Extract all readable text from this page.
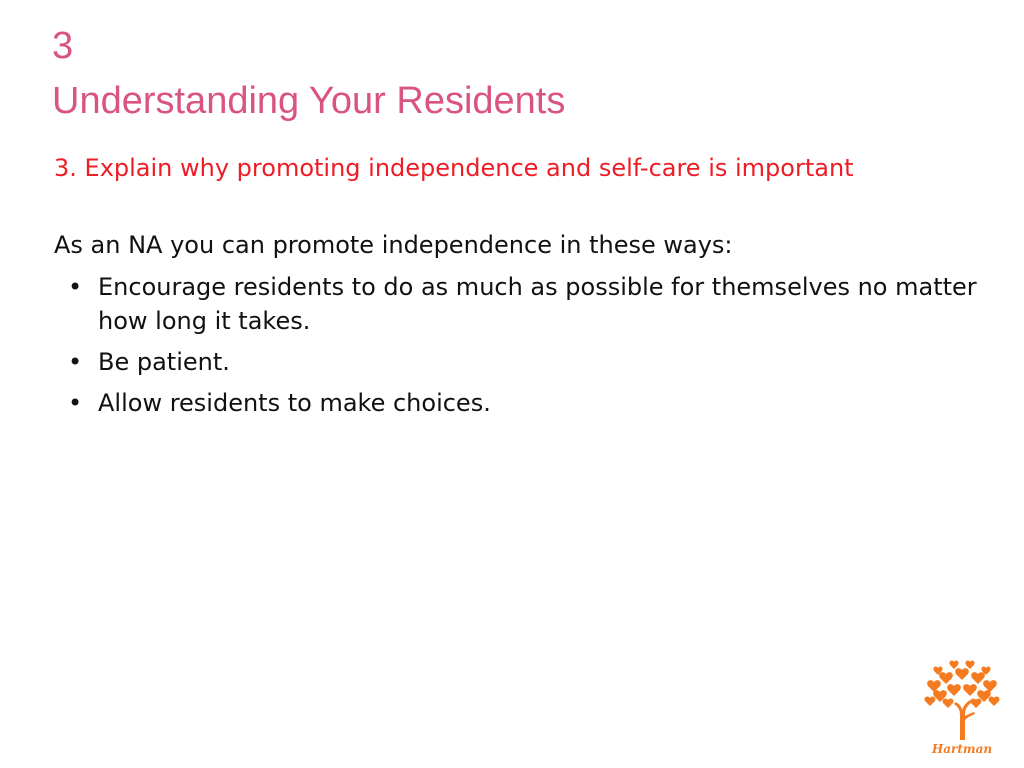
3
Understanding Your Residents
3. Explain why promoting independence and self-care is important
As an NA you can promote independence in these ways:
• Encourage residents to do as much as possible for themselves no matter how long it takes.
• Be patient.
• Allow residents to make choices.
Hartman
